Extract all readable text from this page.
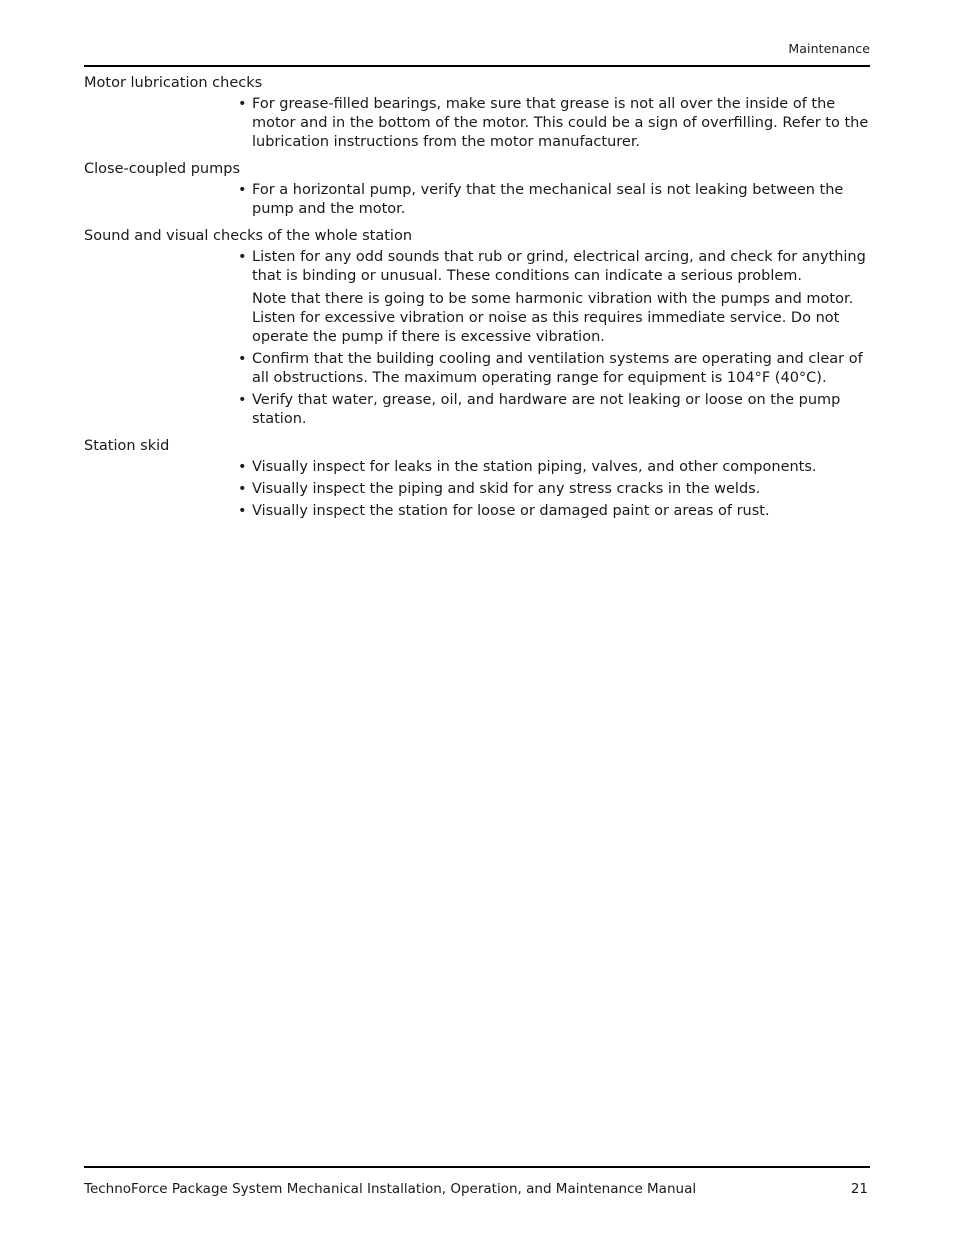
Maintenance
Motor lubrication checks
• For grease-filled bearings, make sure that grease is not all over the inside of the motor and in the bottom of the motor. This could be a sign of overfilling. Refer to the lubrication instructions from the motor manufacturer.
Close-coupled pumps
• For a horizontal pump, verify that the mechanical seal is not leaking between the pump and the motor.
Sound and visual checks of the whole station
• Listen for any odd sounds that rub or grind, electrical arcing, and check for anything that is binding or unusual. These conditions can indicate a serious problem.
Note that there is going to be some harmonic vibration with the pumps and motor. Listen for excessive vibration or noise as this requires immediate service. Do not operate the pump if there is excessive vibration.
• Confirm that the building cooling and ventilation systems are operating and clear of all obstructions. The maximum operating range for equipment is 104°F (40°C).
• Verify that water, grease, oil, and hardware are not leaking or loose on the pump station.
Station skid
• Visually inspect for leaks in the station piping, valves, and other components.
• Visually inspect the piping and skid for any stress cracks in the welds.
• Visually inspect the station for loose or damaged paint or areas of rust.
TechnoForce Package System Mechanical Installation, Operation, and Maintenance Manual	21
